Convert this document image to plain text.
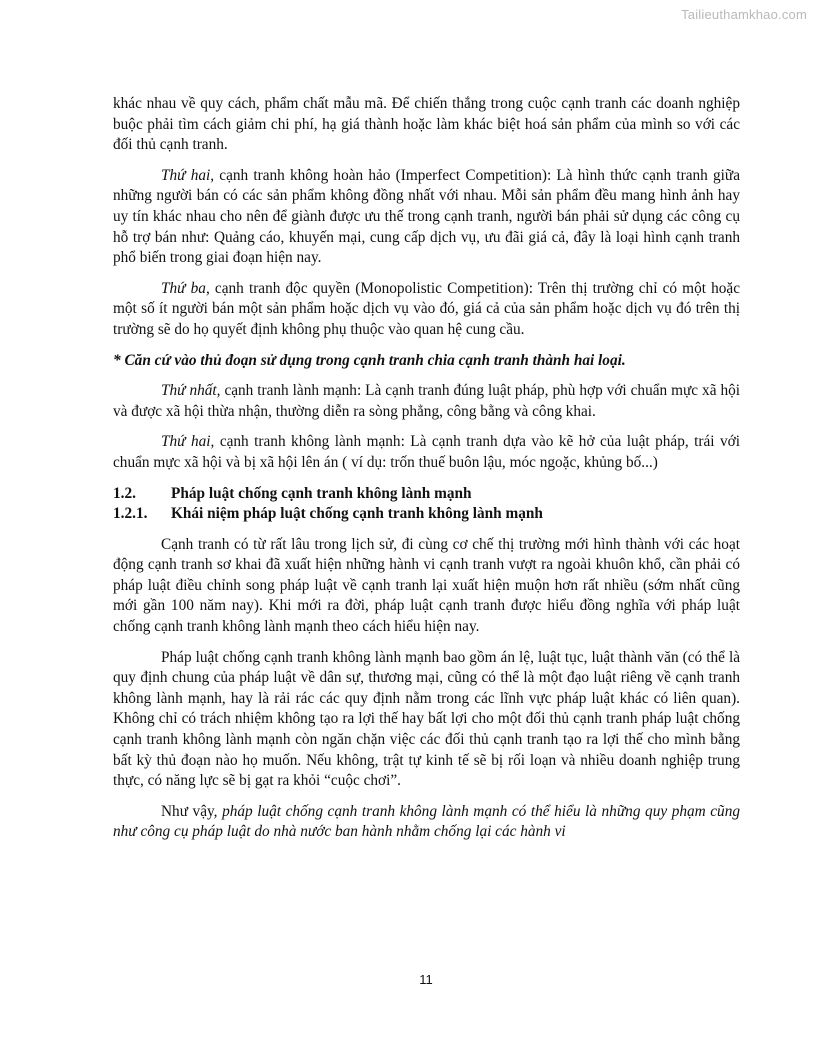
Tailieuthamkhao.com

khác nhau về quy cách, phẩm chất mẫu mã. Để chiến thắng trong cuộc cạnh tranh các doanh nghiệp buộc phải tìm cách giảm chi phí, hạ giá thành hoặc làm khác biệt hoá sản phẩm của mình so với các đối thủ cạnh tranh.

Thứ hai, cạnh tranh không hoàn hảo (Imperfect Competition): Là hình thức cạnh tranh giữa những người bán có các sản phẩm không đồng nhất với nhau. Mỗi sản phẩm đều mang hình ảnh hay uy tín khác nhau cho nên để giành được ưu thế trong cạnh tranh, người bán phải sử dụng các công cụ hỗ trợ bán như: Quảng cáo, khuyến mại, cung cấp dịch vụ, ưu đãi giá cả, đây là loại hình cạnh tranh phổ biến trong giai đoạn hiện nay.

Thứ ba, cạnh tranh độc quyền (Monopolistic Competition): Trên thị trường chỉ có một hoặc một số ít người bán một sản phẩm hoặc dịch vụ vào đó, giá cả của sản phẩm hoặc dịch vụ đó trên thị trường sẽ do họ quyết định không phụ thuộc vào quan hệ cung cầu.

* Căn cứ vào thủ đoạn sử dụng trong cạnh tranh chia cạnh tranh thành hai loại.

Thứ nhất, cạnh tranh lành mạnh: Là cạnh tranh đúng luật pháp, phù hợp với chuẩn mực xã hội và được xã hội thừa nhận, thường diễn ra sòng phẳng, công bằng và công khai.

Thứ hai, cạnh tranh không lành mạnh: Là cạnh tranh dựa vào kẽ hở của luật pháp, trái với chuẩn mực xã hội và bị xã hội lên án ( ví dụ: trốn thuế buôn lậu, móc ngoặc, khủng bố...)

1.2.	Pháp luật chống cạnh tranh không lành mạnh
1.2.1.	Khái niệm pháp luật chống cạnh tranh không lành mạnh

Cạnh tranh có từ rất lâu trong lịch sử, đi cùng cơ chế thị trường mới hình thành với các hoạt động cạnh tranh sơ khai đã xuất hiện những hành vi cạnh tranh vượt ra ngoài khuôn khổ, cần phải có pháp luật điều chỉnh song pháp luật về cạnh tranh lại xuất hiện muộn hơn rất nhiều (sớm nhất cũng mới gần 100 năm nay). Khi mới ra đời, pháp luật cạnh tranh được hiểu đồng nghĩa với pháp luật chống cạnh tranh không lành mạnh theo cách hiểu hiện nay.

Pháp luật chống cạnh tranh không lành mạnh bao gồm án lệ, luật tục, luật thành văn (có thể là quy định chung của pháp luật về dân sự, thương mại, cũng có thể là một đạo luật riêng về cạnh tranh không lành mạnh, hay là rải rác các quy định nằm trong các lĩnh vực pháp luật khác có liên quan). Không chỉ có trách nhiệm không tạo ra lợi thế hay bất lợi cho một đối thủ cạnh tranh pháp luật chống cạnh tranh không lành mạnh còn ngăn chặn việc các đối thủ cạnh tranh tạo ra lợi thế cho mình bằng bất kỳ thủ đoạn nào họ muốn. Nếu không, trật tự kinh tế sẽ bị rối loạn và nhiều doanh nghiệp trung thực, có năng lực sẽ bị gạt ra khỏi “cuộc chơi”.

Như vậy, pháp luật chống cạnh tranh không lành mạnh có thể hiểu là những quy phạm cũng như công cụ pháp luật do nhà nước ban hành nhằm chống lại các hành vi

11
